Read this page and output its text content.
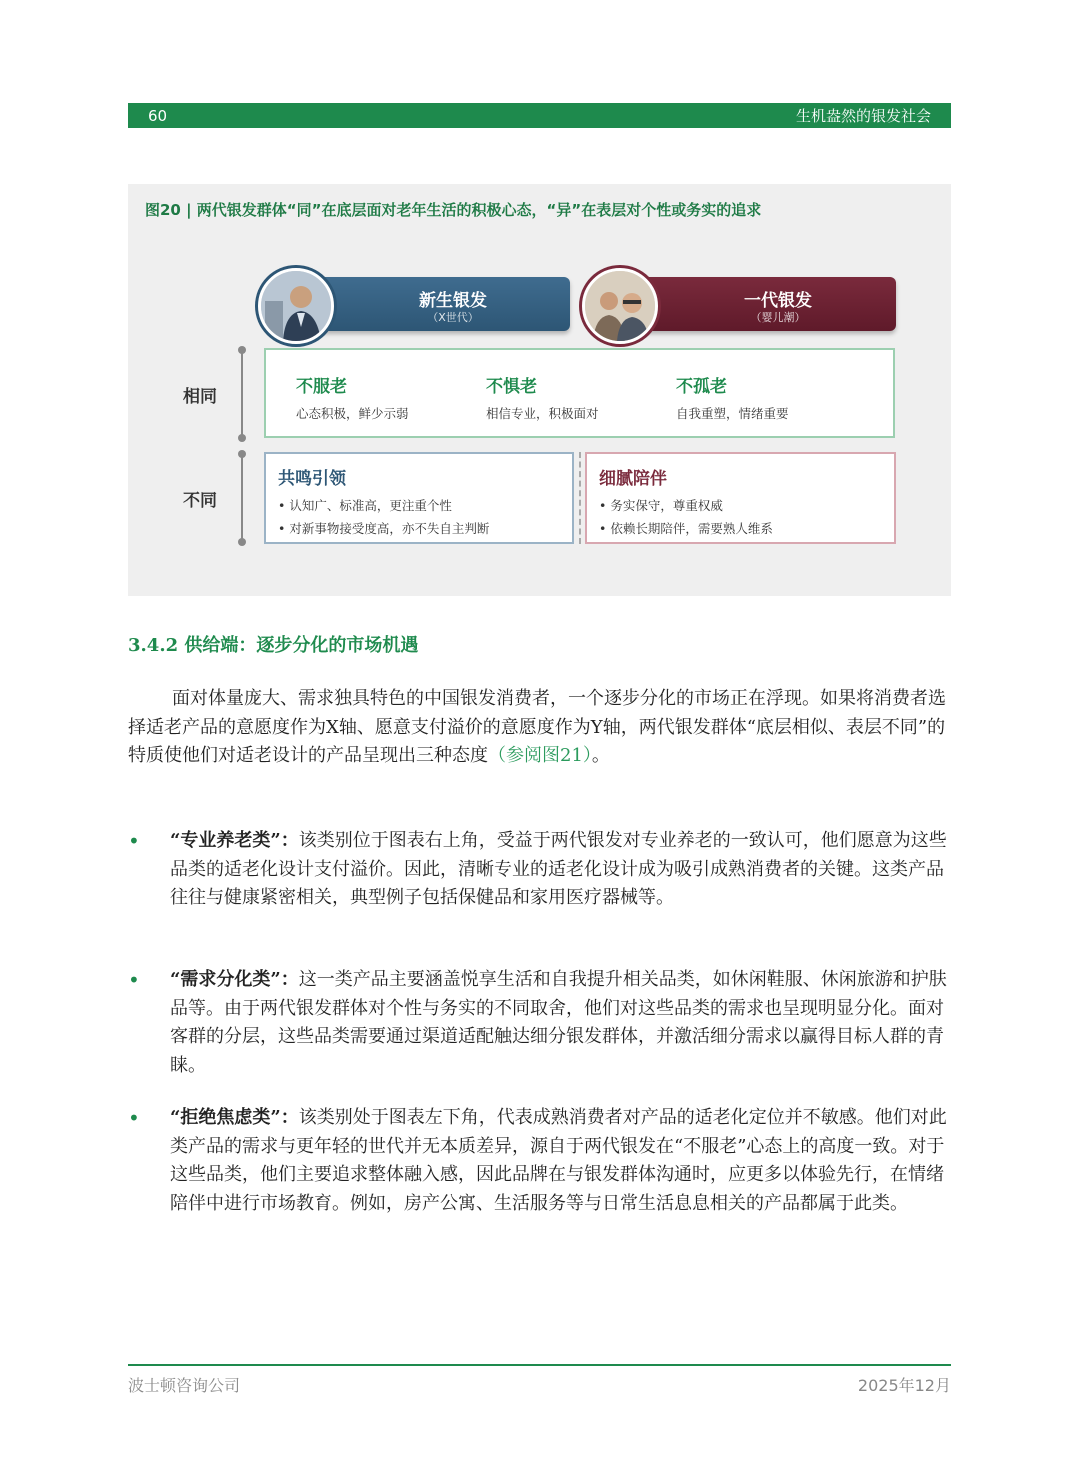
60	生机盎然的银发社会
图20 | 两代银发群体“同”在底层面对老年生活的积极心态，“异”在表层对个性或务实的追求
新生银发
（X世代）
一代银发
（婴儿潮）
相同	不服老
心态积极，鲜少示弱
不惧老
相信专业，积极面对
不孤老
自我重塑，情绪重要
不同
共鸣引领
• 认知广、标准高，更注重个性
• 对新事物接受度高，亦不失自主判断
细腻陪伴
• 务实保守，尊重权威
• 依赖长期陪伴，需要熟人维系
3.4.2 供给端：逐步分化的市场机遇
面对体量庞大、需求独具特色的中国银发消费者，一个逐步分化的市场正在浮现。如果将消费者选择适老产品的意愿度作为X轴、愿意支付溢价的意愿度作为Y轴，两代银发群体“底层相似、表层不同”的特质使他们对适老设计的产品呈现出三种态度（参阅图21）。
• “专业养老类”：该类别位于图表右上角，受益于两代银发对专业养老的一致认可，他们愿意为这些品类的适老化设计支付溢价。因此，清晰专业的适老化设计成为吸引成熟消费者的关键。这类产品往往与健康紧密相关，典型例子包括保健品和家用医疗器械等。
• “需求分化类”：这一类产品主要涵盖悦享生活和自我提升相关品类，如休闲鞋服、休闲旅游和护肤品等。由于两代银发群体对个性与务实的不同取舍，他们对这些品类的需求也呈现明显分化。面对客群的分层，这些品类需要通过渠道适配触达细分银发群体，并激活细分需求以赢得目标人群的青睐。
• “拒绝焦虑类”：该类别处于图表左下角，代表成熟消费者对产品的适老化定位并不敏感。他们对此类产品的需求与更年轻的世代并无本质差异，源自于两代银发在“不服老”心态上的高度一致。对于这些品类，他们主要追求整体融入感，因此品牌在与银发群体沟通时，应更多以体验先行，在情绪陪伴中进行市场教育。例如，房产公寓、生活服务等与日常生活息息相关的产品都属于此类。
波士顿咨询公司	2025年12月
